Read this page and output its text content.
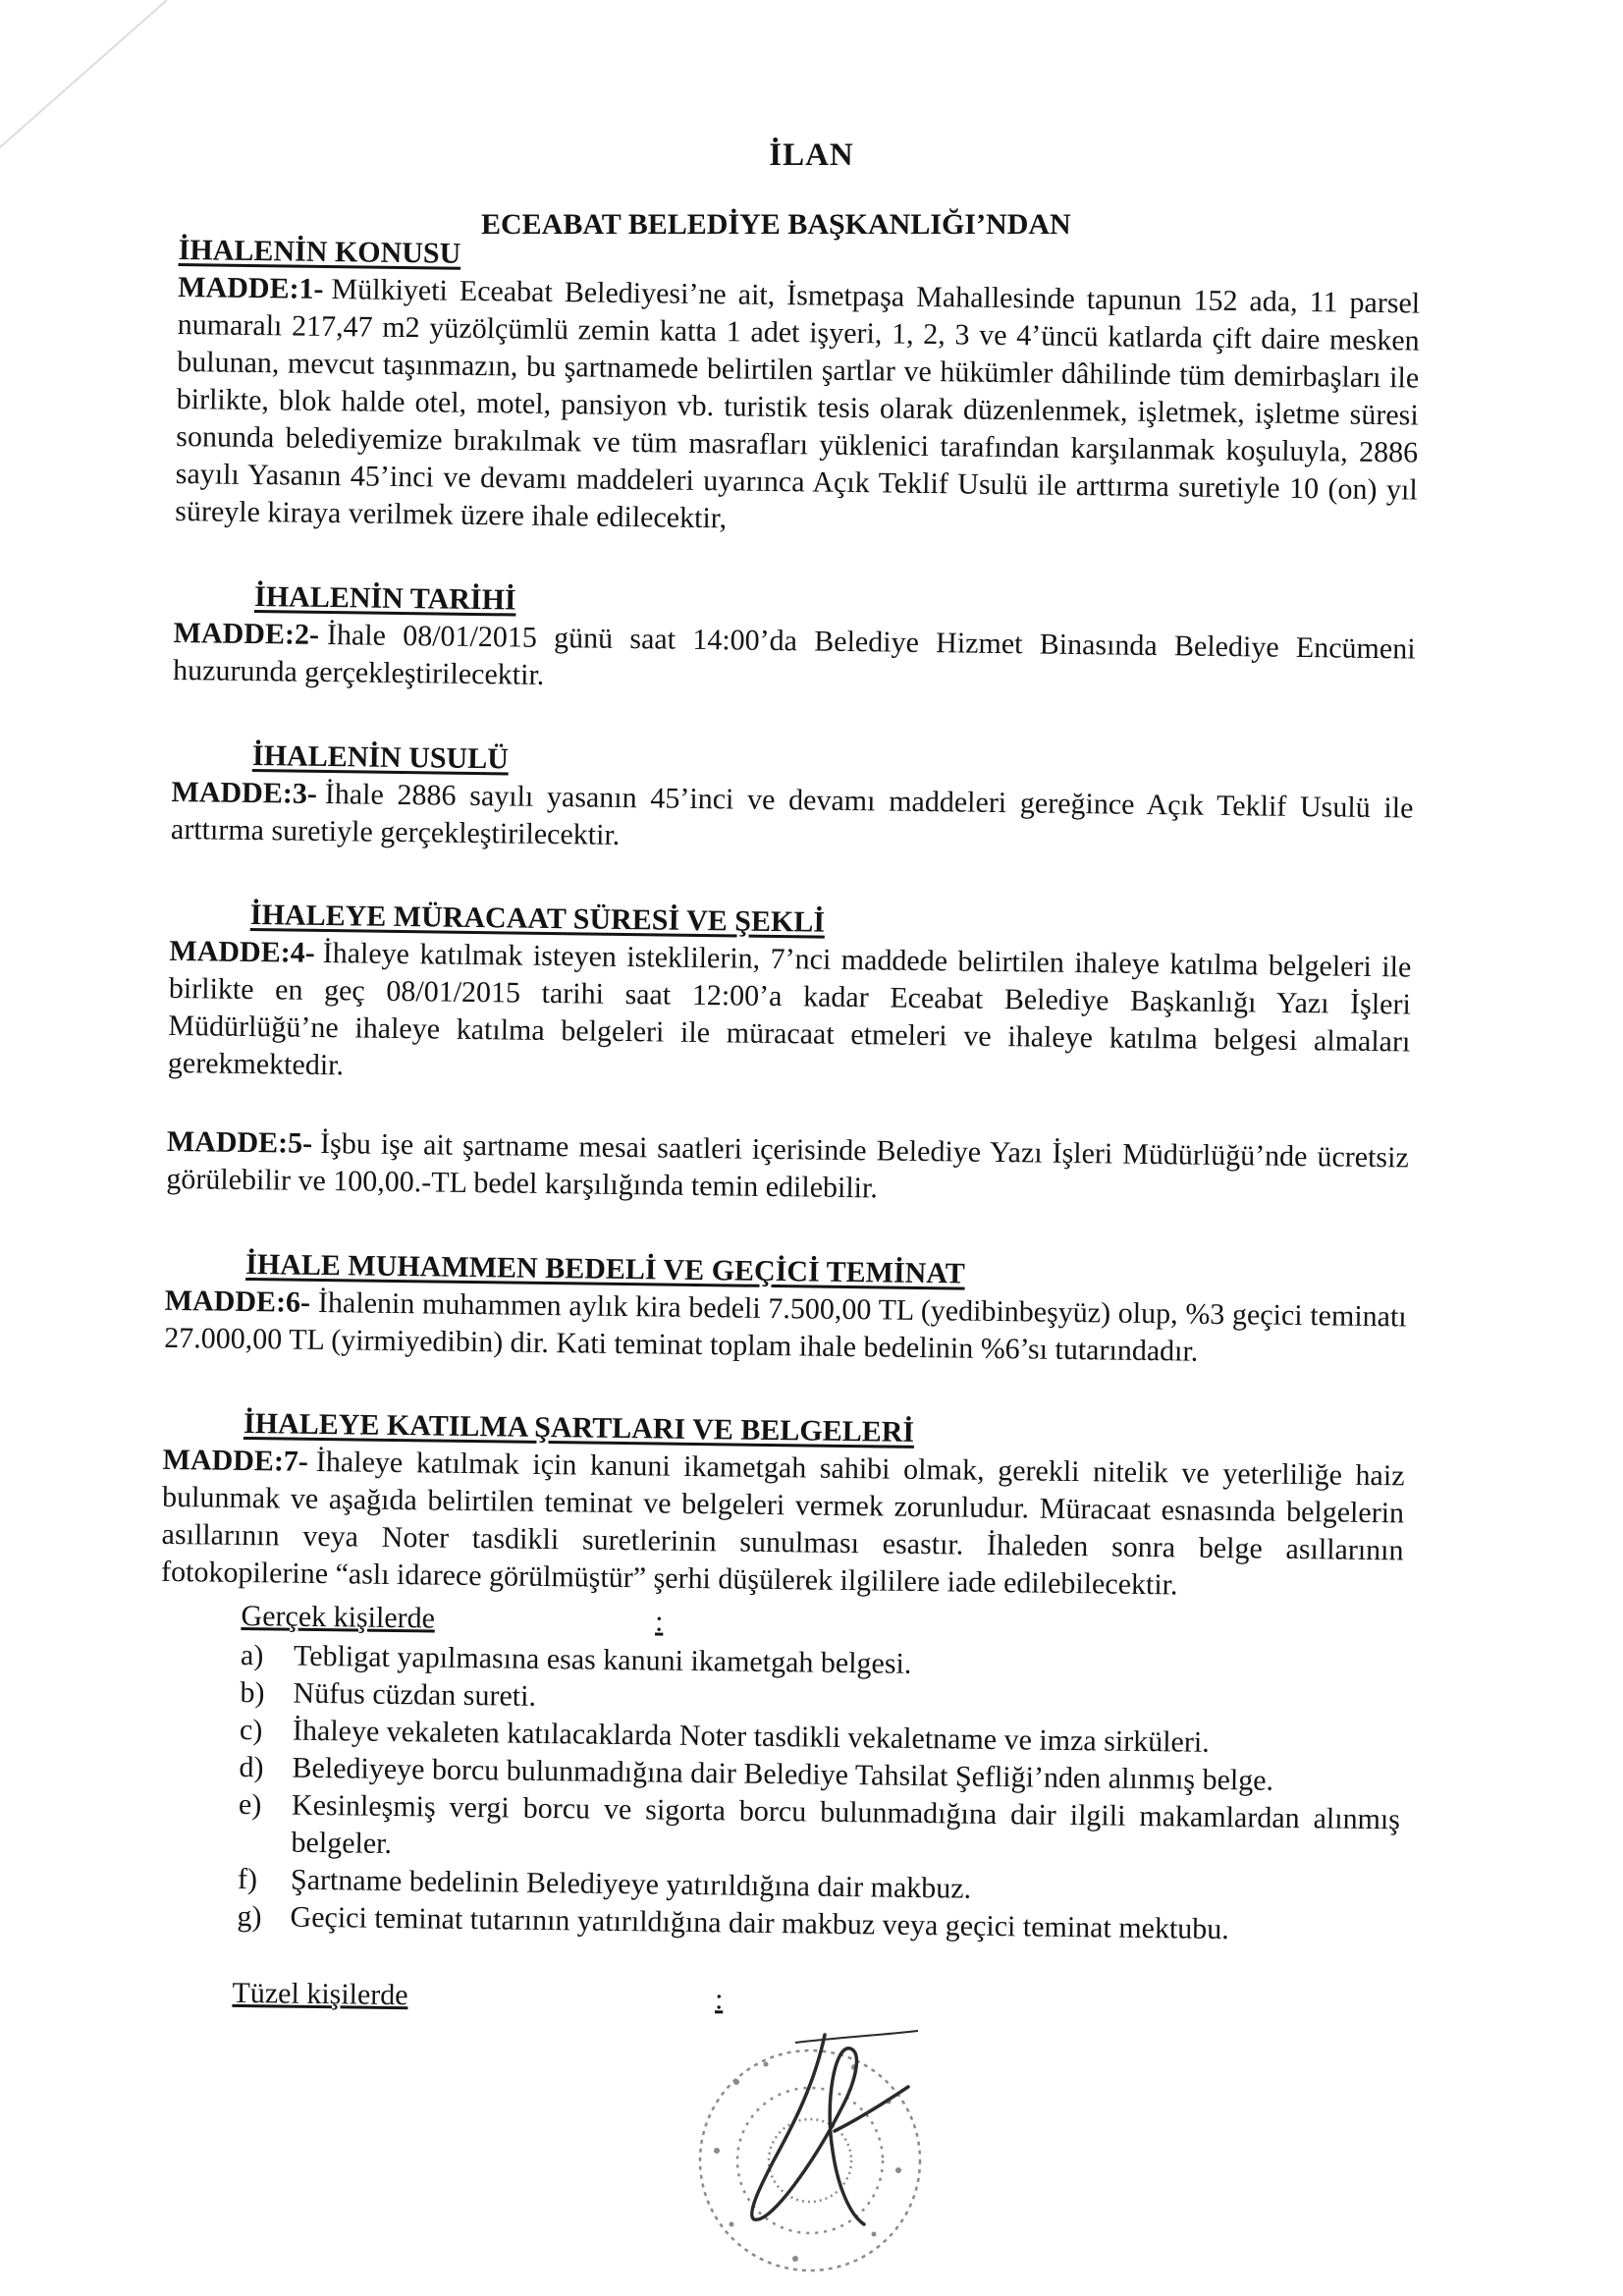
İLAN
ECEABAT BELEDİYE BAŞKANLIĞI’NDAN

İHALENİN KONUSU

MADDE:1- Mülkiyeti Eceabat Belediyesi’ne ait, İsmetpaşa Mahallesinde tapunun 152 ada, 11 parsel numaralı 217,47 m2 yüzölçümlü zemin katta 1 adet işyeri, 1, 2, 3 ve 4’üncü katlarda çift daire mesken bulunan, mevcut taşınmazın, bu şartnamede belirtilen şartlar ve hükümler dâhilinde tüm demirbaşları ile birlikte, blok halde otel, motel, pansiyon vb. turistik tesis olarak düzenlenmek, işletmek, işletme süresi sonunda belediyemize bırakılmak ve tüm masrafları yüklenici tarafından karşılanmak koşuluyla, 2886 sayılı Yasanın 45’inci ve devamı maddeleri uyarınca Açık Teklif Usulü ile arttırma suretiyle 10 (on) yıl süreyle kiraya verilmek üzere ihale edilecektir,

İHALENİN TARİHİ

MADDE:2- İhale 08/01/2015 günü saat 14:00’da Belediye Hizmet Binasında Belediye Encümeni huzurunda gerçekleştirilecektir.

İHALENİN USULÜ

MADDE:3- İhale 2886 sayılı yasanın 45’inci ve devamı maddeleri gereğince Açık Teklif Usulü ile arttırma suretiyle gerçekleştirilecektir.

İHALEYE MÜRACAAT SÜRESİ VE ŞEKLİ

MADDE:4- İhaleye katılmak isteyen isteklilerin, 7’nci maddede belirtilen ihaleye katılma belgeleri ile birlikte en geç 08/01/2015 tarihi saat 12:00’a kadar Eceabat Belediye Başkanlığı Yazı İşleri Müdürlüğü’ne ihaleye katılma belgeleri ile müracaat etmeleri ve ihaleye katılma belgesi almaları gerekmektedir.

MADDE:5- İşbu işe ait şartname mesai saatleri içerisinde Belediye Yazı İşleri Müdürlüğü’nde ücretsiz görülebilir ve 100,00.-TL bedel karşılığında temin edilebilir.

İHALE MUHAMMEN BEDELİ VE GEÇİCİ TEMİNAT

MADDE:6- İhalenin muhammen aylık kira bedeli 7.500,00 TL (yedibinbeşyüz) olup, %3 geçici teminatı 27.000,00 TL (yirmiyedibin) dir. Kati teminat toplam ihale bedelinin %6’sı tutarındadır.

İHALEYE KATILMA ŞARTLARI VE BELGELERİ

MADDE:7- İhaleye katılmak için kanuni ikametgah sahibi olmak, gerekli nitelik ve yeterliliğe haiz bulunmak ve aşağıda belirtilen teminat ve belgeleri vermek zorunludur. Müracaat esnasında belgelerin asıllarının veya Noter tasdikli suretlerinin sunulması esastır. İhaleden sonra belge asıllarının fotokopilerine “aslı idarece görülmüştür” şerhi düşülerek ilgililere iade edilebilecektir.

Gerçek kişilerde	:
a)	Tebligat yapılmasına esas kanuni ikametgah belgesi.
b) Nüfus cüzdan sureti.
c)	İhaleye vekaleten katılacaklarda Noter tasdikli vekaletname ve imza sirküleri.
d) Belediyeye borcu bulunmadığına dair Belediye Tahsilat Şefliği’nden alınmış belge.
e)	Kesinleşmiş vergi borcu ve sigorta borcu bulunmadığına dair ilgili makamlardan alınmış belgeler.
f)	Şartname bedelinin Belediyeye yatırıldığına dair makbuz.
g) Geçici teminat tutarının yatırıldığına dair makbuz veya geçici teminat mektubu.
Tüzel kişilerde	:
